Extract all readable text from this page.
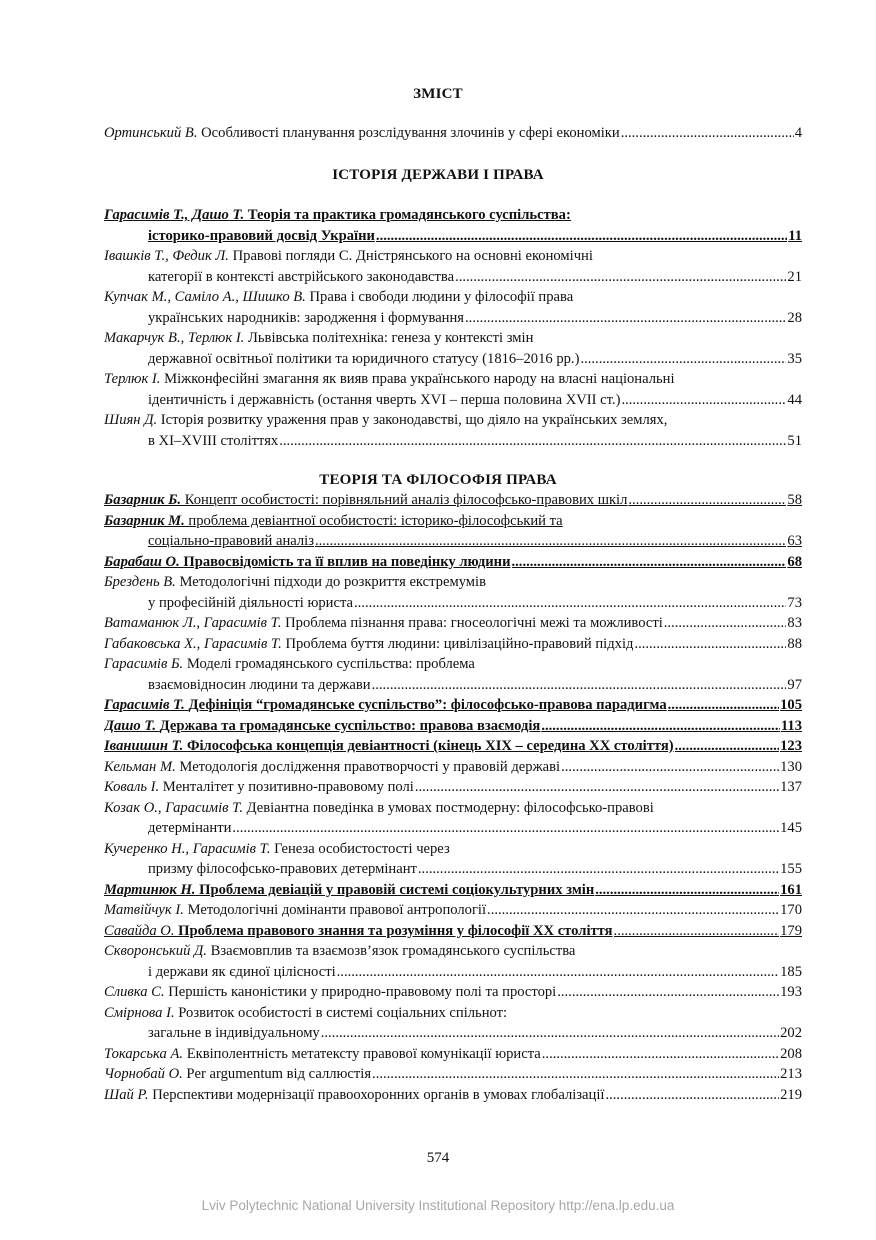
ЗМІСТ
Ортинський В.
Особливості планування розслідування злочинів у сфері економіки .....	4
ІСТОРІЯ ДЕРЖАВИ І ПРАВА
Гарасимів Т., Дашо Т.
Теорія та практика громадянського суспільства:
історико-правовий досвід України .....	11
Івашків Т., Федик Л.
Правові погляди С. Дністрянського на основні економічні
категорії в контексті австрійського законодавства .....	21
Купчак М., Саміло А., Шишко В.
Права і свободи людини у філософії права
українських народників: зародження і формування .....	28
Макарчук В., Терлюк І.
Львівська політехніка: генеза у контексті змін
державної освітньої політики та юридичного статусу (1816–2016 рр.) .....	35
Терлюк І.
Міжконфесійні змагання як вияв права українського народу на власні національні
ідентичність і державність (остання чверть XVI – перша половина XVII ст.) .....	44
Шиян Д.
Історія розвитку ураження прав у законодавстві, що діяло на українських землях,
в XI–XVIII століттях .....	51
ТЕОРІЯ ТА ФІЛОСОФІЯ ПРАВА
Базарник Б.
Концепт особистості: порівняльний аналіз філософсько-правових шкіл .....	58
Базарник М.
проблема девіантної особистості: історико-філософський та
соціально-правовий аналіз .....	63
Барабаш О.
Правосвідомість та її вплив на поведінку людини .....	68
Брездень В.
Методологічні підходи до розкриття екстремумів
у професійній діяльності юриста .....	73
Ватаманюк Л., Гарасимів Т.
Проблема пізнання права: гносеологічні межі та можливості .....	83
Габаковська Х., Гарасимів Т.
Проблема буття людини: цивілізаційно-правовий підхід .....	88
Гарасимів Б.
Моделі громадянського суспільства: проблема
взаємовідносин людини та держави .....	97
Гарасимів Т.
Дефініція “громадянське суспільство”: філософсько-правова парадигма .....	105
Дашо Т.
Держава та громадянське суспільство: правова взаємодія .....	113
Іванишин Т.
Філософська концепція девіантності (кінець XIX – середина XX століття) .....	123
Кельман М.
Методологія дослідження правотворчості у правовій державі .....	130
Коваль І.
Менталітет у позитивно-правовому полі .....	137
Козак О., Гарасимів Т.
Девіантна поведінка в умовах постмодерну: філософсько-правові
детермінанти .....	145
Кучеренко Н., Гарасимів Т.
Генеза особистостості через
призму філософсько-правових детермінант .....	155
Мартинюк Н.
Проблема девіацій у правовій системі соціокультурних змін .....	161
Матвійчук І.
Методологічні домінанти правової антропології .....	170
Савайда О.
Проблема правового знання та розуміння у філософії XX століття .....	179
Скворонський Д.
Взаємовплив та взаємозв’язок громадянського суспільства
і держави як єдиної цілісності .....	185
Сливка С.
Першість каноністики у природно-правовому полі та просторі .....	193
Смірнова І.
Розвиток особистості в системі соціальних спільнот:
загальне в індивідуальному .....	202
Токарська А.
Еквіполентність метатексту правової комунікації юриста .....	208
Чорнобай О.
Per argumentum від саллюстія .....	213
Шай Р.
Перспективи модернізації правоохоронних органів в умовах глобалізації .....	219
574
Lviv Polytechnic National University Institutional Repository http://ena.lp.edu.ua
